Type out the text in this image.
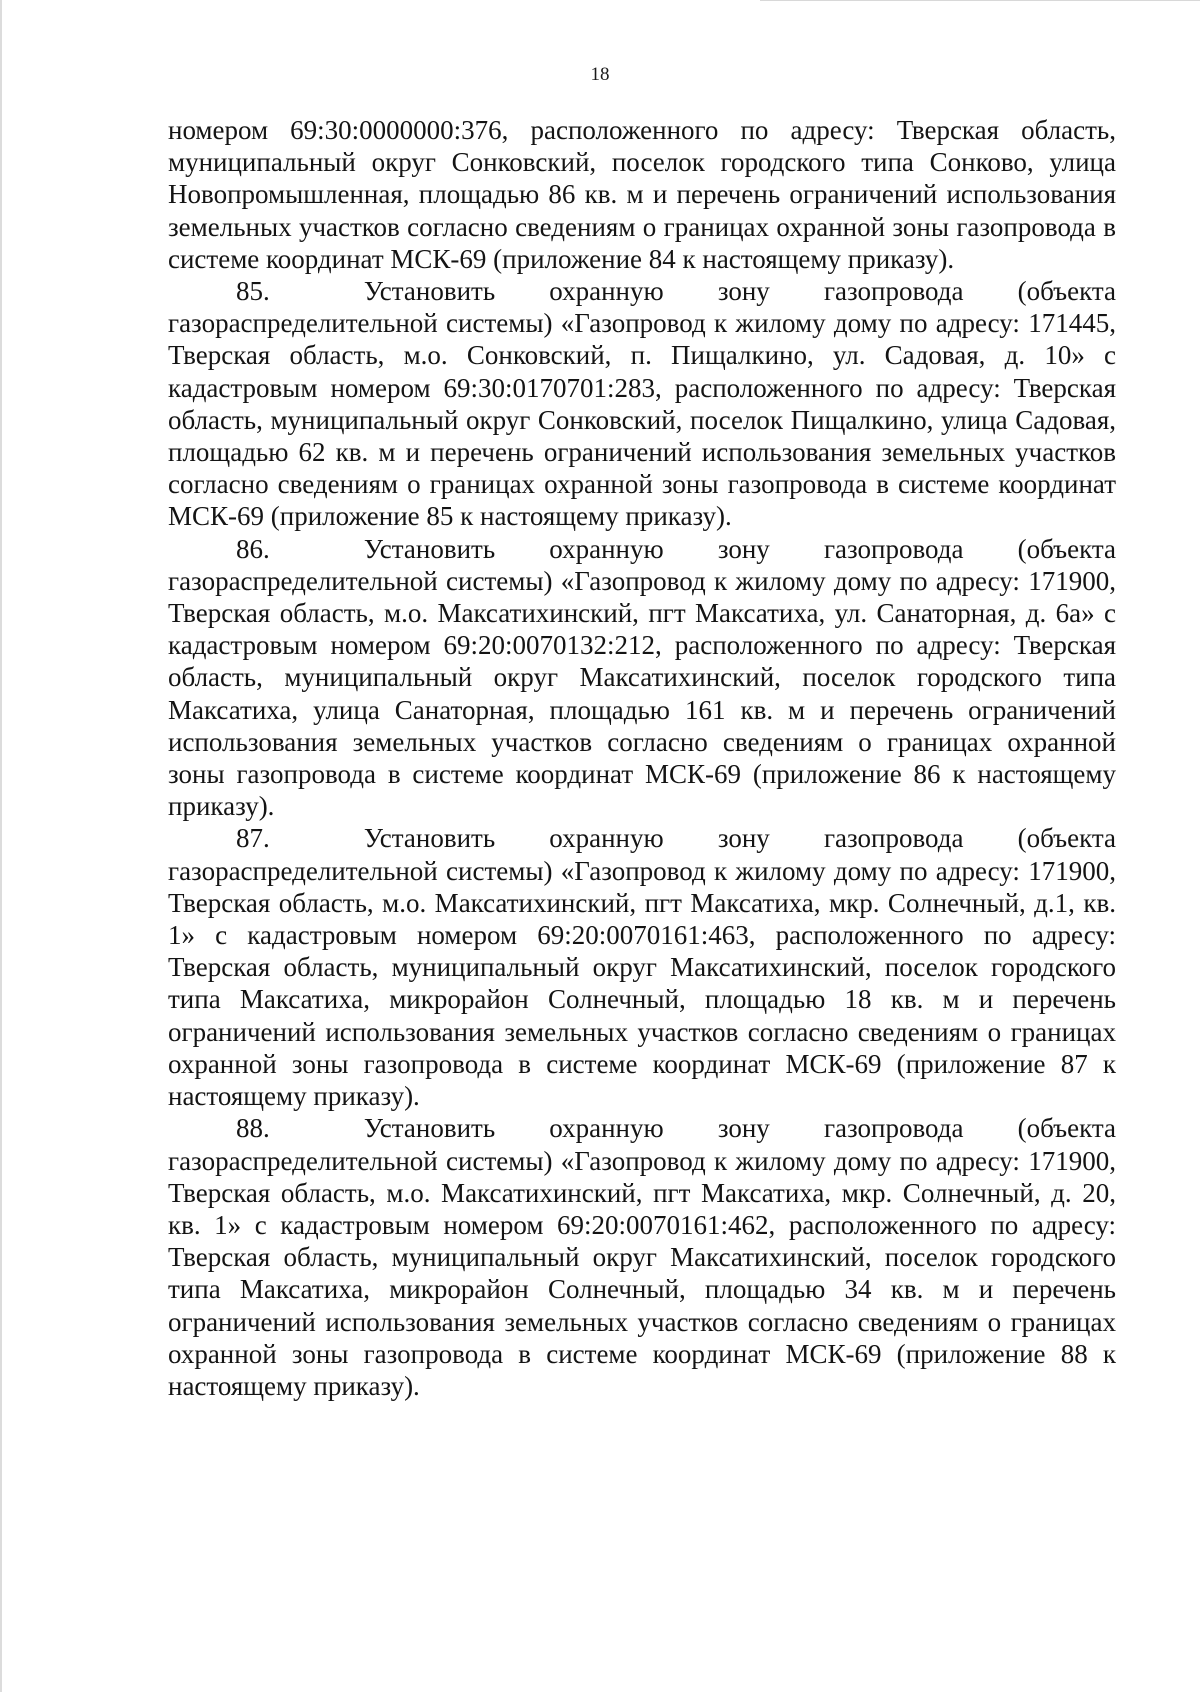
18

номером 69:30:0000000:376, расположенного по адресу: Тверская область, муниципальный округ Сонковский, поселок городского типа Сонково, улица Новопромышленная, площадью 86 кв. м и перечень ограничений использования земельных участков согласно сведениям о границах охранной зоны газопровода в системе координат МСК-69 (приложение 84 к настоящему приказу).

85.	Установить охранную зону газопровода (объекта газораспределительной системы) «Газопровод к жилому дому по адресу: 171445, Тверская область, м.о. Сонковский, п. Пищалкино, ул. Садовая, д. 10» с кадастровым номером 69:30:0170701:283, расположенного по адресу: Тверская область, муниципальный округ Сонковский, поселок Пищалкино, улица Садовая, площадью 62 кв. м и перечень ограничений использования земельных участков согласно сведениям о границах охранной зоны газопровода в системе координат МСК-69 (приложение 85 к настоящему приказу).

86.	Установить охранную зону газопровода (объекта газораспределительной системы) «Газопровод к жилому дому по адресу: 171900, Тверская область, м.о. Максатихинский, пгт Максатиха, ул. Санаторная, д. 6а» с кадастровым номером 69:20:0070132:212, расположенного по адресу: Тверская область, муниципальный округ Максатихинский, поселок городского типа Максатиха, улица Санаторная, площадью 161 кв. м и перечень ограничений использования земельных участков согласно сведениям о границах охранной зоны газопровода в системе координат МСК-69 (приложение 86 к настоящему приказу).

87.	Установить охранную зону газопровода (объекта газораспределительной системы) «Газопровод к жилому дому по адресу: 171900, Тверская область, м.о. Максатихинский, пгт Максатиха, мкр. Солнечный, д.1, кв. 1» с кадастровым номером 69:20:0070161:463, расположенного по адресу: Тверская область, муниципальный округ Максатихинский, поселок городского типа Максатиха, микрорайон Солнечный, площадью 18 кв. м и перечень ограничений использования земельных участков согласно сведениям о границах охранной зоны газопровода в системе координат МСК-69 (приложение 87 к настоящему приказу).

88.	Установить охранную зону газопровода (объекта газораспределительной системы) «Газопровод к жилому дому по адресу: 171900, Тверская область, м.о. Максатихинский, пгт Максатиха, мкр. Солнечный, д. 20, кв. 1» с кадастровым номером 69:20:0070161:462, расположенного по адресу: Тверская область, муниципальный округ Максатихинский, поселок городского типа Максатиха, микрорайон Солнечный, площадью 34 кв. м и перечень ограничений использования земельных участков согласно сведениям о границах охранной зоны газопровода в системе координат МСК-69 (приложение 88 к настоящему приказу).
